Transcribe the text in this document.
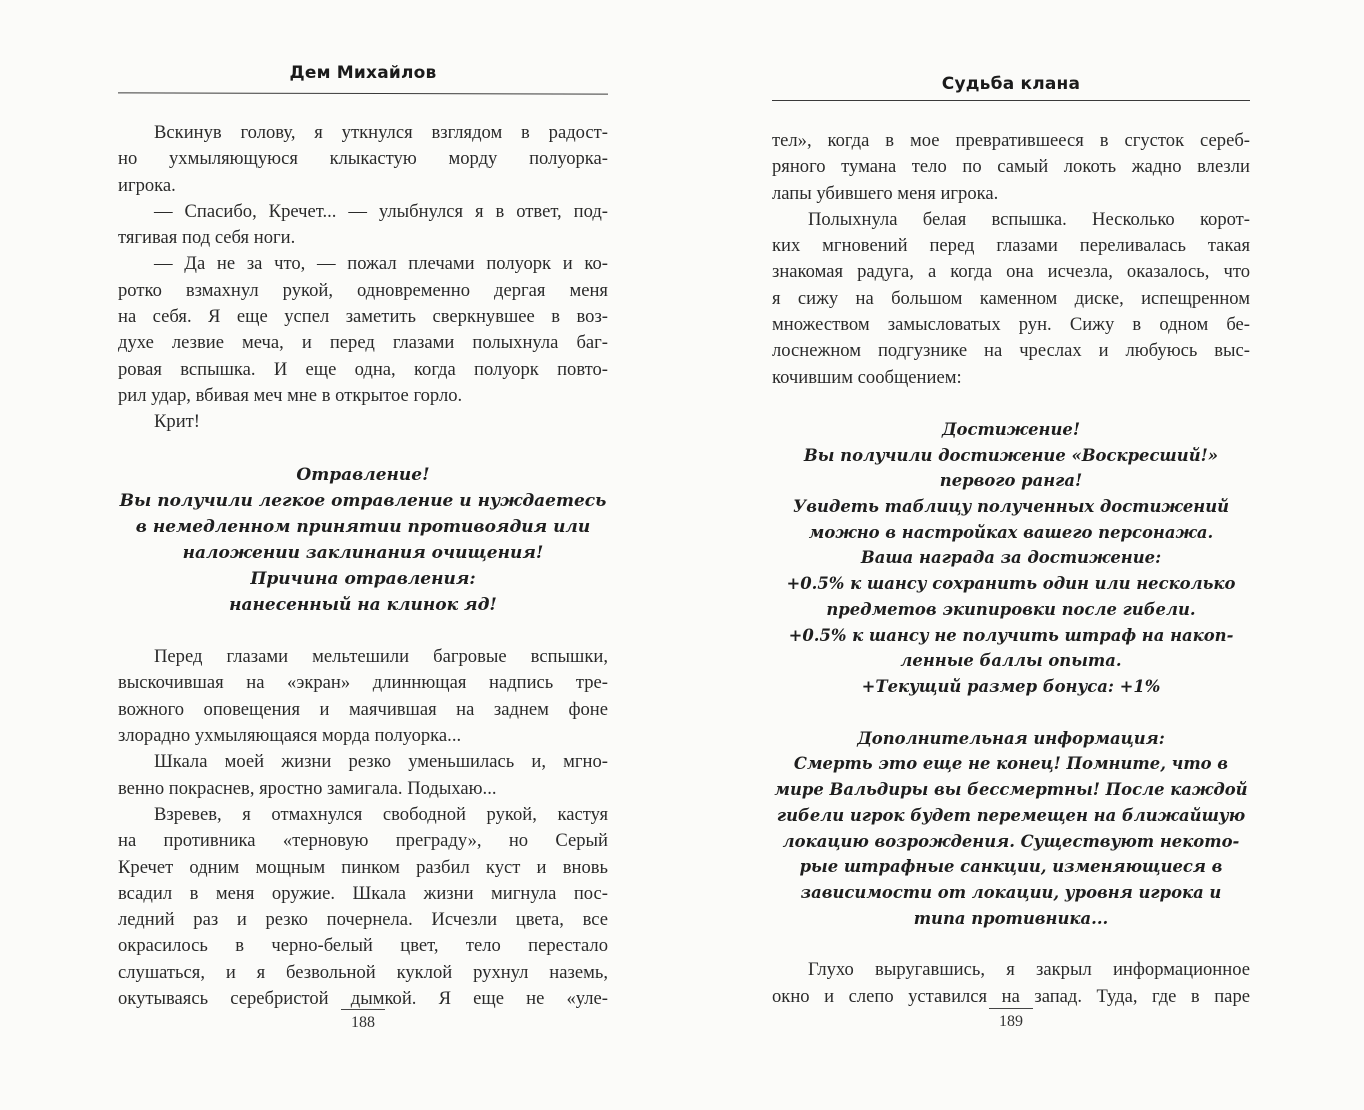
Дем Михайлов
Вскинув голову, я уткнулся взглядом в радост-
но ухмыляющуюся клыкастую морду полуорка-
игрока.
— Спасибо, Кречет... — улыбнулся я в ответ, под-
тягивая под себя ноги.
— Да не за что, — пожал плечами полуорк и ко-
ротко взмахнул рукой, одновременно дергая меня
на себя. Я еще успел заметить сверкнувшее в воз-
духе лезвие меча, и перед глазами полыхнула баг-
ровая вспышка. И еще одна, когда полуорк повто-
рил удар, вбивая меч мне в открытое горло.
Крит!
Отравление!
Вы получили легкое отравление и нуждаетесь
в немедленном принятии противоядия или
наложении заклинания очищения!
Причина отравления:
нанесенный на клинок яд!
Перед глазами мельтешили багровые вспышки,
выскочившая на «экран» длиннющая надпись тре-
вожного оповещения и маячившая на заднем фоне
злорадно ухмыляющаяся морда полуорка...
Шкала моей жизни резко уменьшилась и, мгно-
венно покраснев, яростно замигала. Подыхаю...
Взревев, я отмахнулся свободной рукой, кастуя
на противника «терновую преграду», но Серый
Кречет одним мощным пинком разбил куст и вновь
всадил в меня оружие. Шкала жизни мигнула пос-
ледний раз и резко почернела. Исчезли цвета, все
окрасилось в черно-белый цвет, тело перестало
слушаться, и я безвольной куклой рухнул наземь,
окутываясь серебристой дымкой. Я еще не «уле-
188
Судьба клана
тел», когда в мое превратившееся в сгусток сереб-
ряного тумана тело по самый локоть жадно влезли
лапы убившего меня игрока.
Полыхнула белая вспышка. Несколько корот-
ких мгновений перед глазами переливалась такая
знакомая радуга, а когда она исчезла, оказалось, что
я сижу на большом каменном диске, испещренном
множеством замысловатых рун. Сижу в одном бе-
лоснежном подгузнике на чреслах и любуюсь выс-
кочившим сообщением:
Достижение!
Вы получили достижение «Воскресший!»
первого ранга!
Увидеть таблицу полученных достижений
можно в настройках вашего персонажа.
Ваша награда за достижение:
+0.5% к шансу сохранить один или несколько
предметов экипировки после гибели.
+0.5% к шансу не получить штраф на накоп-
ленные баллы опыта.
+Текущий размер бонуса: +1%
Дополнительная информация:
Смерть это еще не конец! Помните, что в
мире Вальдиры вы бессмертны! После каждой
гибели игрок будет перемещен на ближайшую
локацию возрождения. Существуют некото-
рые штрафные санкции, изменяющиеся в
зависимости от локации, уровня игрока и
типа противника...
Глухо выругавшись, я закрыл информационное
окно и слепо уставился на запад. Туда, где в паре
189
